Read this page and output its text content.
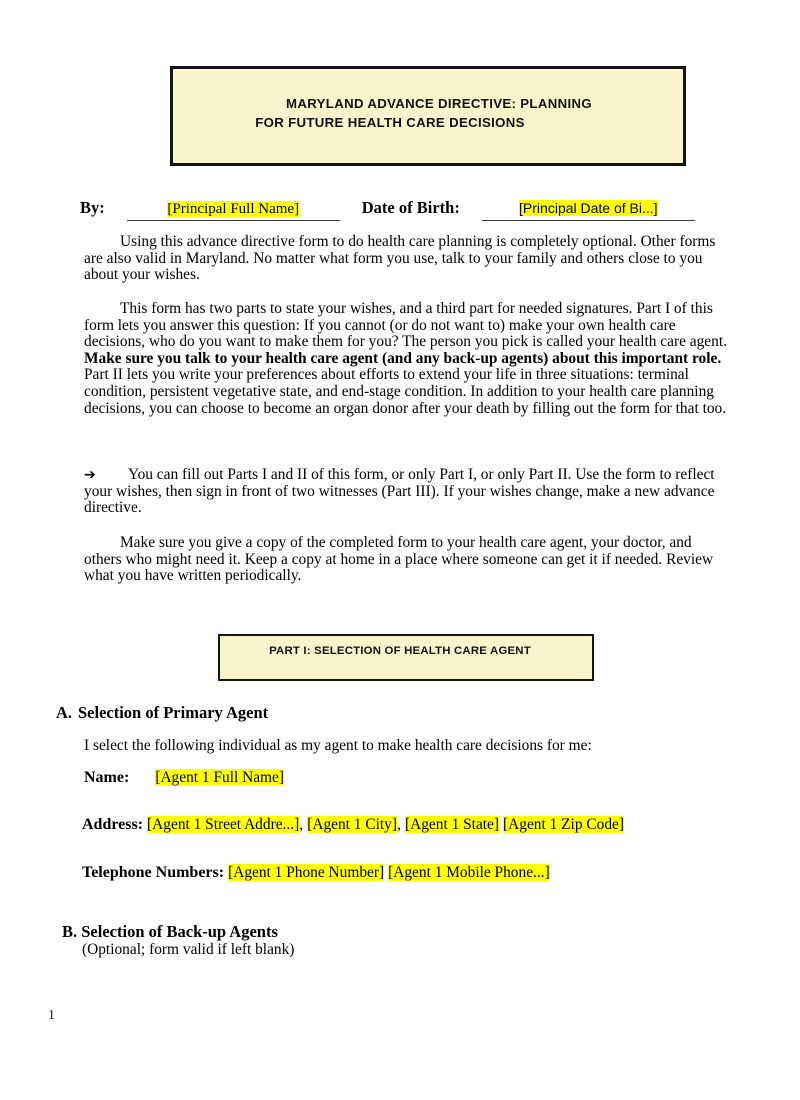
MARYLAND ADVANCE DIRECTIVE: PLANNING
FOR FUTURE HEALTH CARE DECISIONS
By:	[Principal Full Name]	Date of Birth:	[Principal Date of Bi...]
Using this advance directive form to do health care planning is completely optional. Other forms are also valid in Maryland. No matter what form you use, talk to your family and others close to you about your wishes.
This form has two parts to state your wishes, and a third part for needed signatures. Part I of this form lets you answer this question: If you cannot (or do not want to) make your own health care decisions, who do you want to make them for you? The person you pick is called your health care agent. Make sure you talk to your health care agent (and any back-up agents) about this important role. Part II lets you write your preferences about efforts to extend your life in three situations: terminal condition, persistent vegetative state, and end-stage condition. In addition to your health care planning decisions, you can choose to become an organ donor after your death by filling out the form for that too.
➔ You can fill out Parts I and II of this form, or only Part I, or only Part II. Use the form to reflect your wishes, then sign in front of two witnesses (Part III). If your wishes change, make a new advance directive.
Make sure you give a copy of the completed form to your health care agent, your doctor, and others who might need it. Keep a copy at home in a place where someone can get it if needed. Review what you have written periodically.
PART I: SELECTION OF HEALTH CARE AGENT
A. Selection of Primary Agent
I select the following individual as my agent to make health care decisions for me:
Name: [Agent 1 Full Name]
Address: [Agent 1 Street Addre...], [Agent 1 City], [Agent 1 State] [Agent 1 Zip Code]
Telephone Numbers: [Agent 1 Phone Number] [Agent 1 Mobile Phone...]
B. Selection of Back-up Agents
(Optional; form valid if left blank)
1
